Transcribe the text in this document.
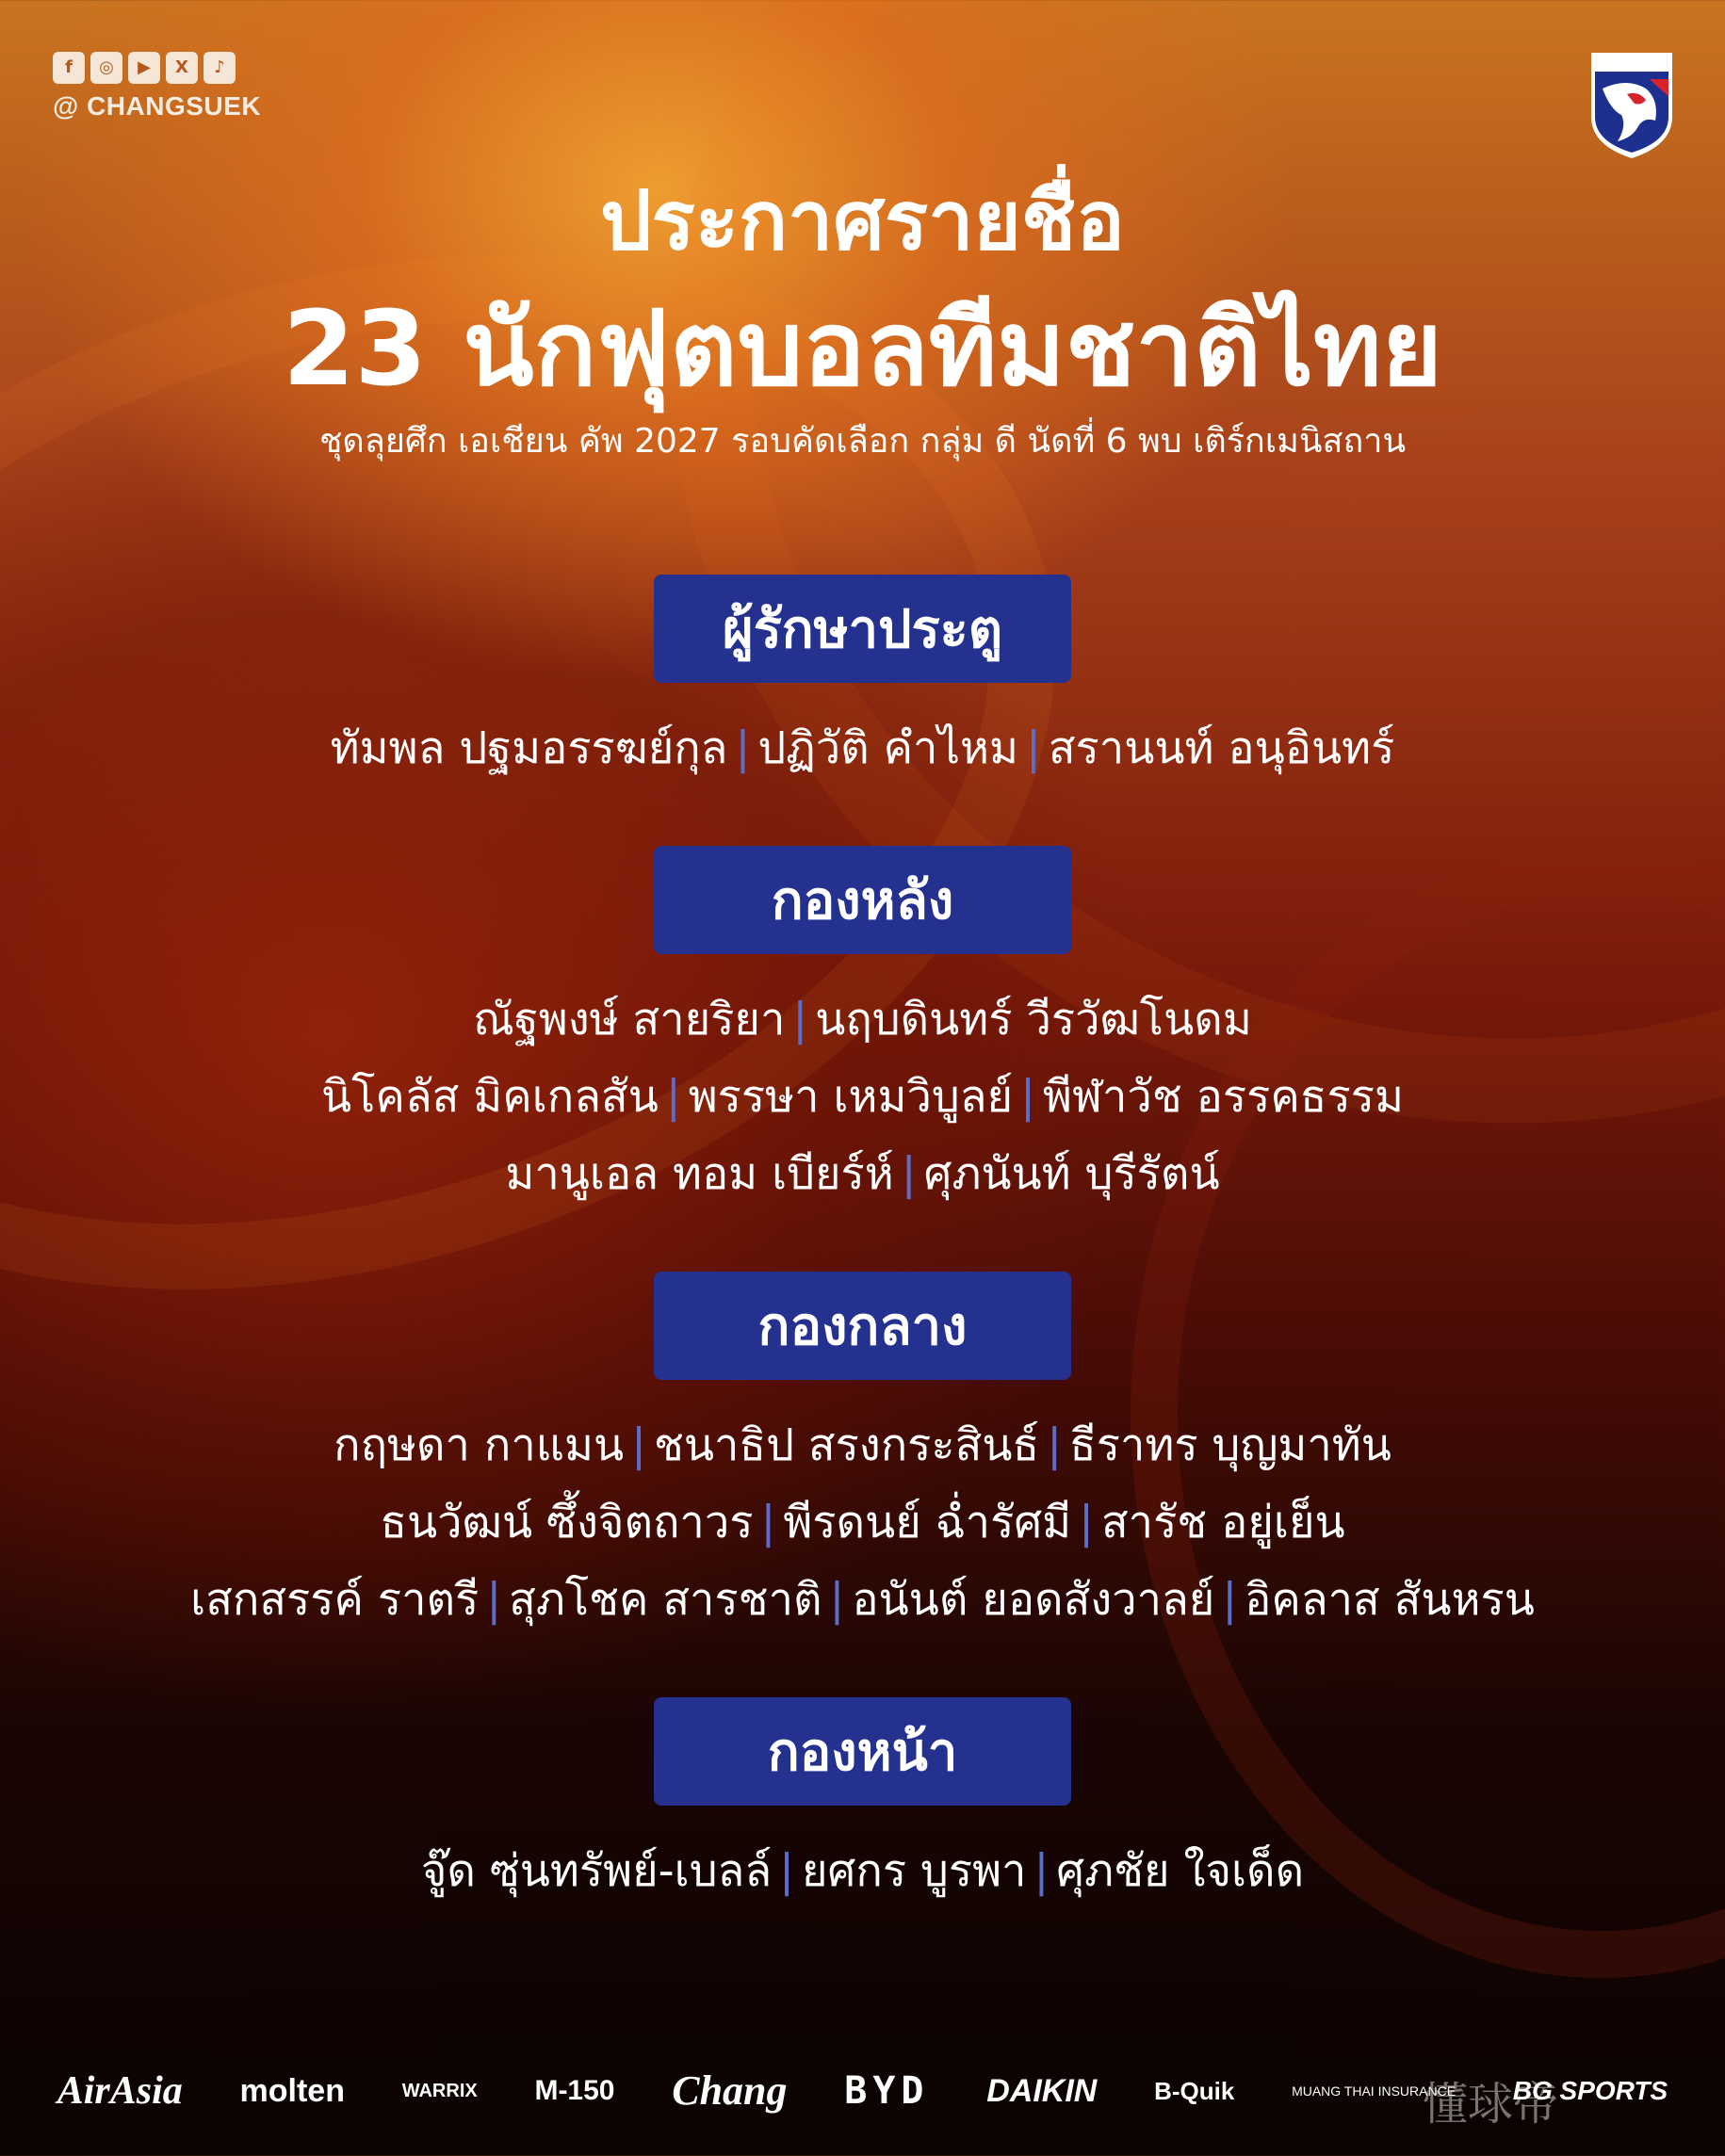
f	◎	▶	X	♪
@ CHANGSUEK
THAILAND
ประกาศรายชื่อ
23 นักฟุตบอลทีมชาติไทย
ชุดลุยศึก เอเชียน คัพ 2027 รอบคัดเลือก กลุ่ม ดี นัดที่ 6 พบ เติร์กเมนิสถาน
ผู้รักษาประตู
ทัมพล ปฐมอรรฆย์กุล | ปฏิวัติ คำไหม | สรานนท์ อนุอินทร์
กองหลัง
ณัฐพงษ์ สายริยา | นฤบดินทร์ วีรวัฒโนดม
นิโคลัส มิคเกลสัน | พรรษา เหมวิบูลย์ | พีฬาวัช อรรคธรรม
มานูเอล ทอม เบียร์ห์ | ศุภนันท์ บุรีรัตน์
กองกลาง
กฤษดา กาแมน | ชนาธิป สรงกระสินธ์ | ธีราทร บุญมาทัน
ธนวัฒน์ ซึ้งจิตถาวร | พีรดนย์ ฉ่ำรัศมี | สารัช อยู่เย็น
เสกสรรค์ ราตรี | สุภโชค สารชาติ | อนันต์ ยอดสังวาลย์ | อิคลาส สันหรน
กองหน้า
จู๊ด ซุ่นทรัพย์-เบลล์ | ยศกร บูรพา | ศุภชัย ใจเด็ด
AirAsia molten	WARRIX M-150 Chang BYD DAIKIN B-Quik	MUANG THAI INSURANCE BG SPORTS
懂球帝
